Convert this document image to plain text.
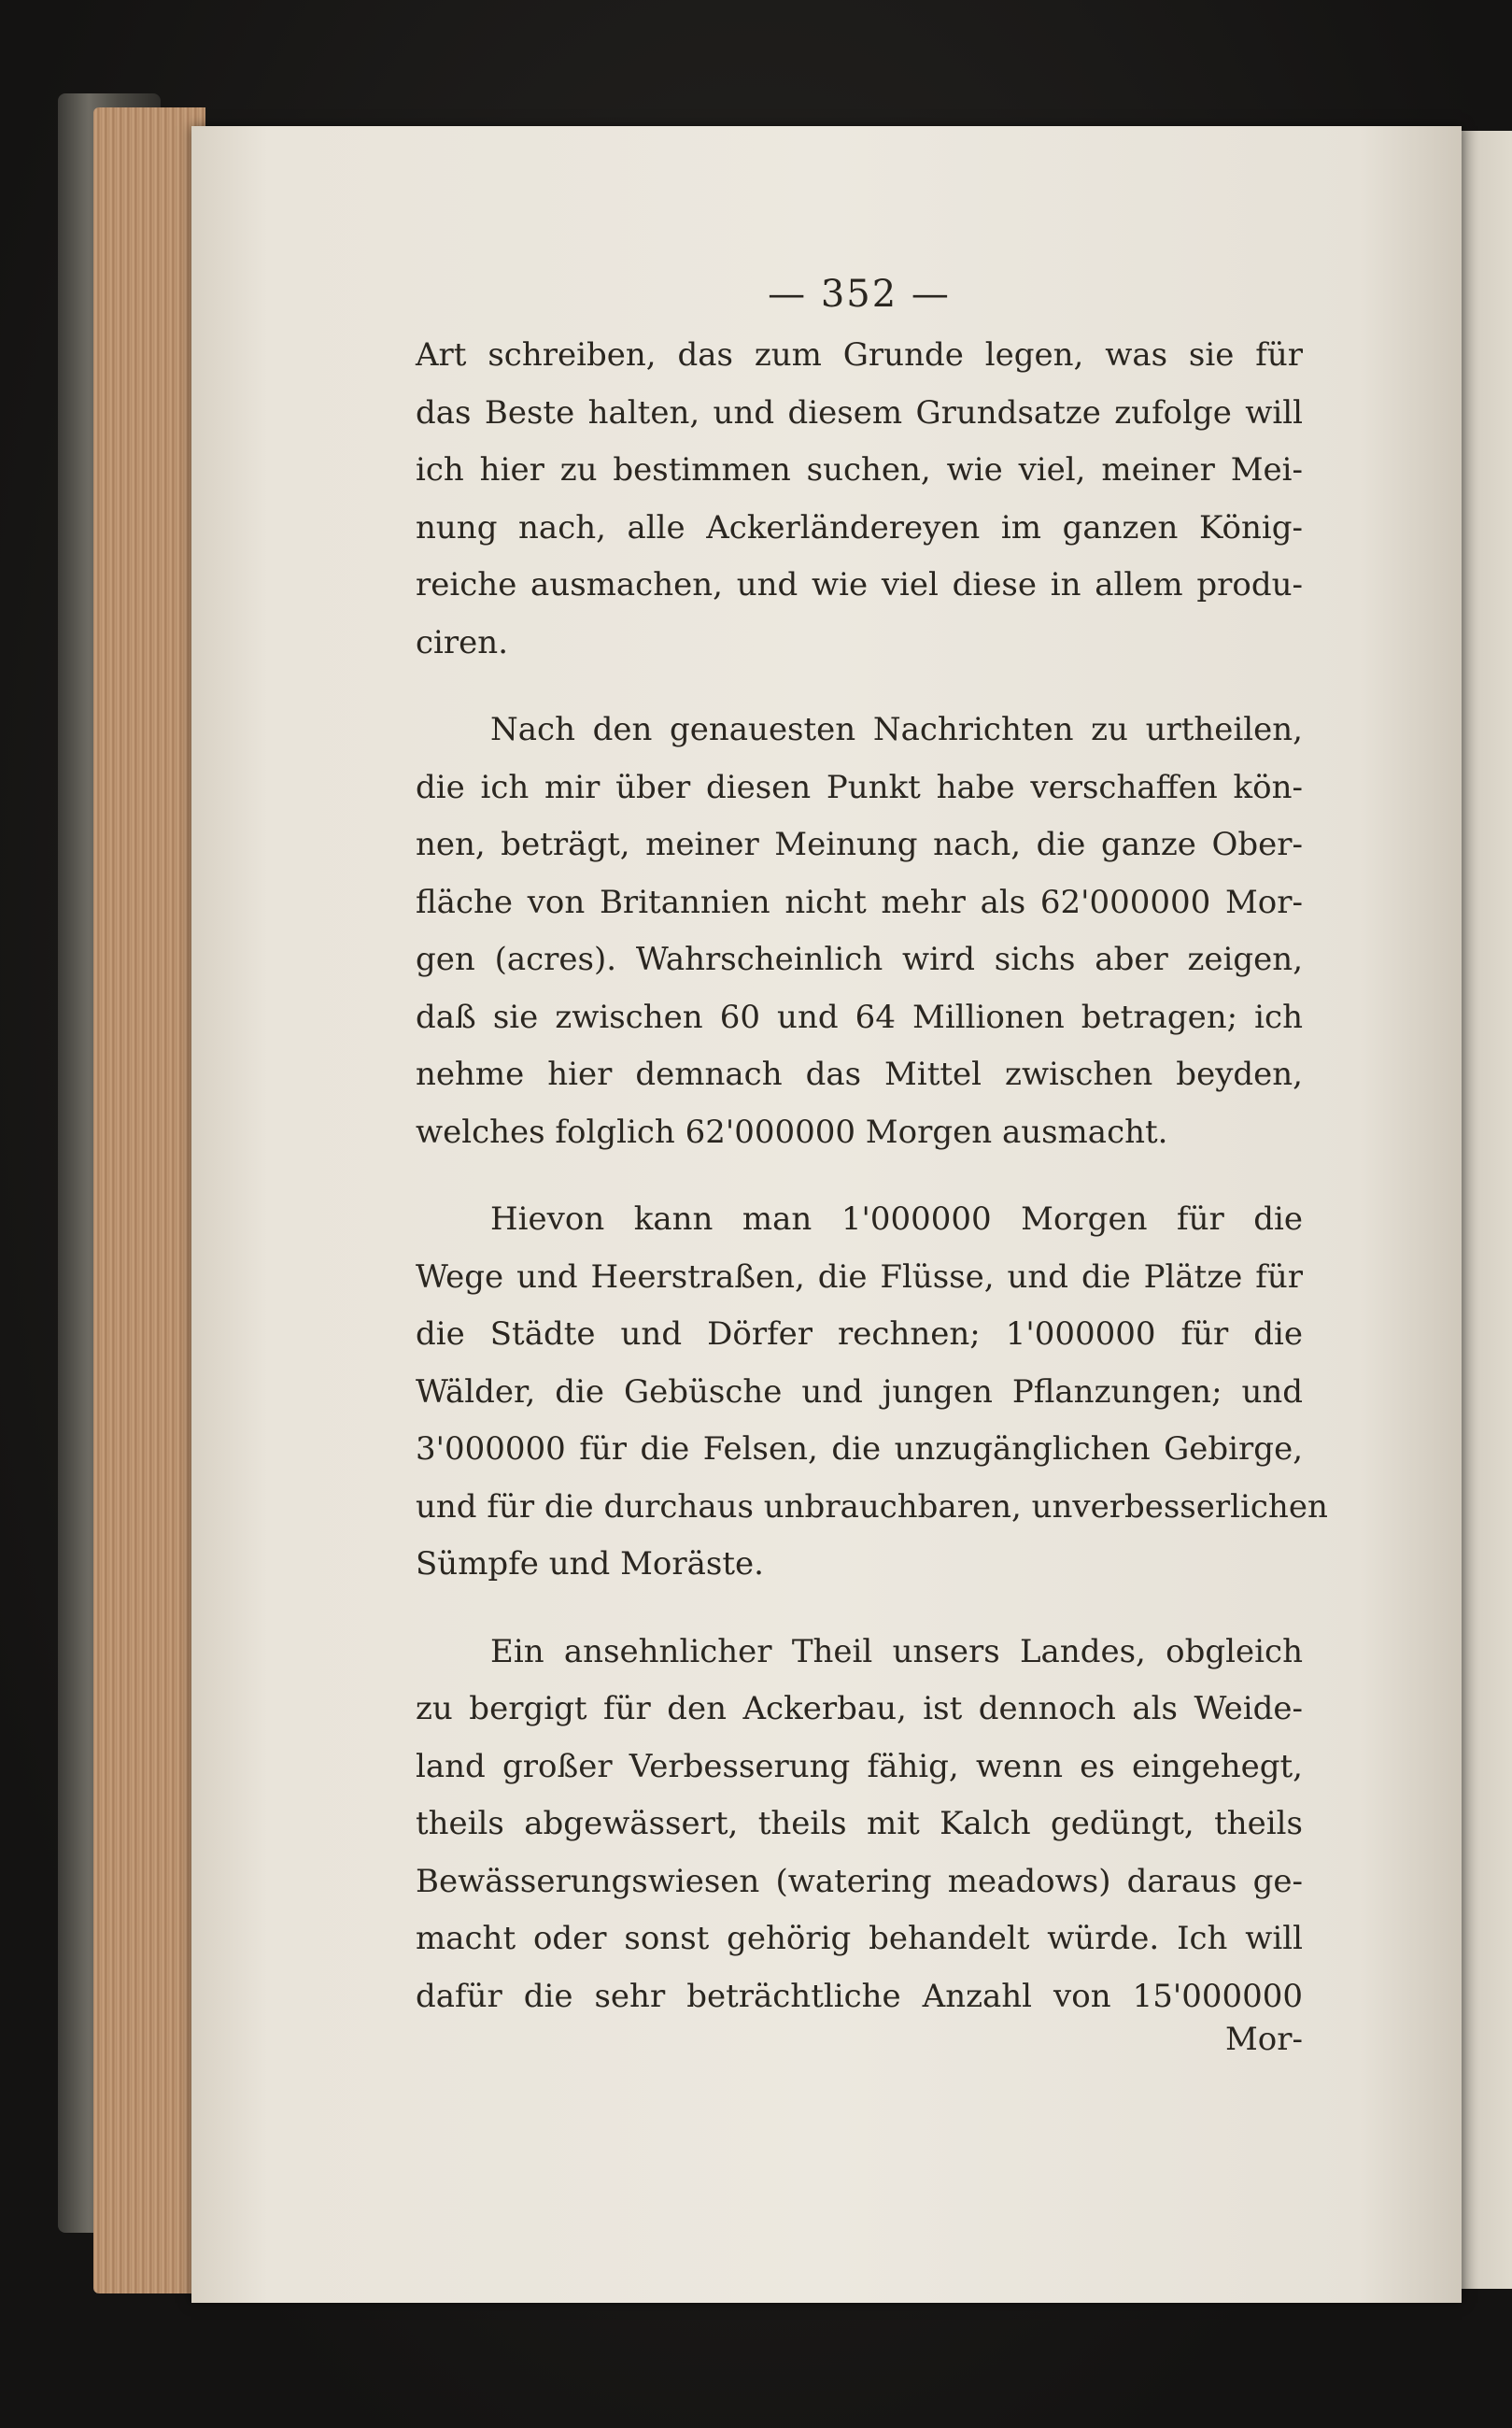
— 352 —
Art schreiben, das zum Grunde legen, was sie für
das Beste halten, und diesem Grundsatze zufolge will
ich hier zu bestimmen suchen, wie viel, meiner Mei-
nung nach, alle Ackerländereyen im ganzen König-
reiche ausmachen, und wie viel diese in allem produ-
ciren.
Nach den genauesten Nachrichten zu urtheilen,
die ich mir über diesen Punkt habe verschaffen kön-
nen, beträgt, meiner Meinung nach, die ganze Ober-
fläche von Britannien nicht mehr als 62'000000 Mor-
gen (acres). Wahrscheinlich wird sichs aber zeigen,
daß sie zwischen 60 und 64 Millionen betragen; ich
nehme hier demnach das Mittel zwischen beyden,
welches folglich 62'000000 Morgen ausmacht.
Hievon kann man 1'000000 Morgen für die
Wege und Heerstraßen, die Flüsse, und die Plätze für
die Städte und Dörfer rechnen; 1'000000 für die
Wälder, die Gebüsche und jungen Pflanzungen; und
3'000000 für die Felsen, die unzugänglichen Gebirge,
und für die durchaus unbrauchbaren, unverbesserlichen
Sümpfe und Moräste.
Ein ansehnlicher Theil unsers Landes, obgleich
zu bergigt für den Ackerbau, ist dennoch als Weide-
land großer Verbesserung fähig, wenn es eingehegt,
theils abgewässert, theils mit Kalch gedüngt, theils
Bewässerungswiesen (watering meadows) daraus ge-
macht oder sonst gehörig behandelt würde. Ich will
dafür die sehr beträchtliche Anzahl von 15'000000
Mor-
